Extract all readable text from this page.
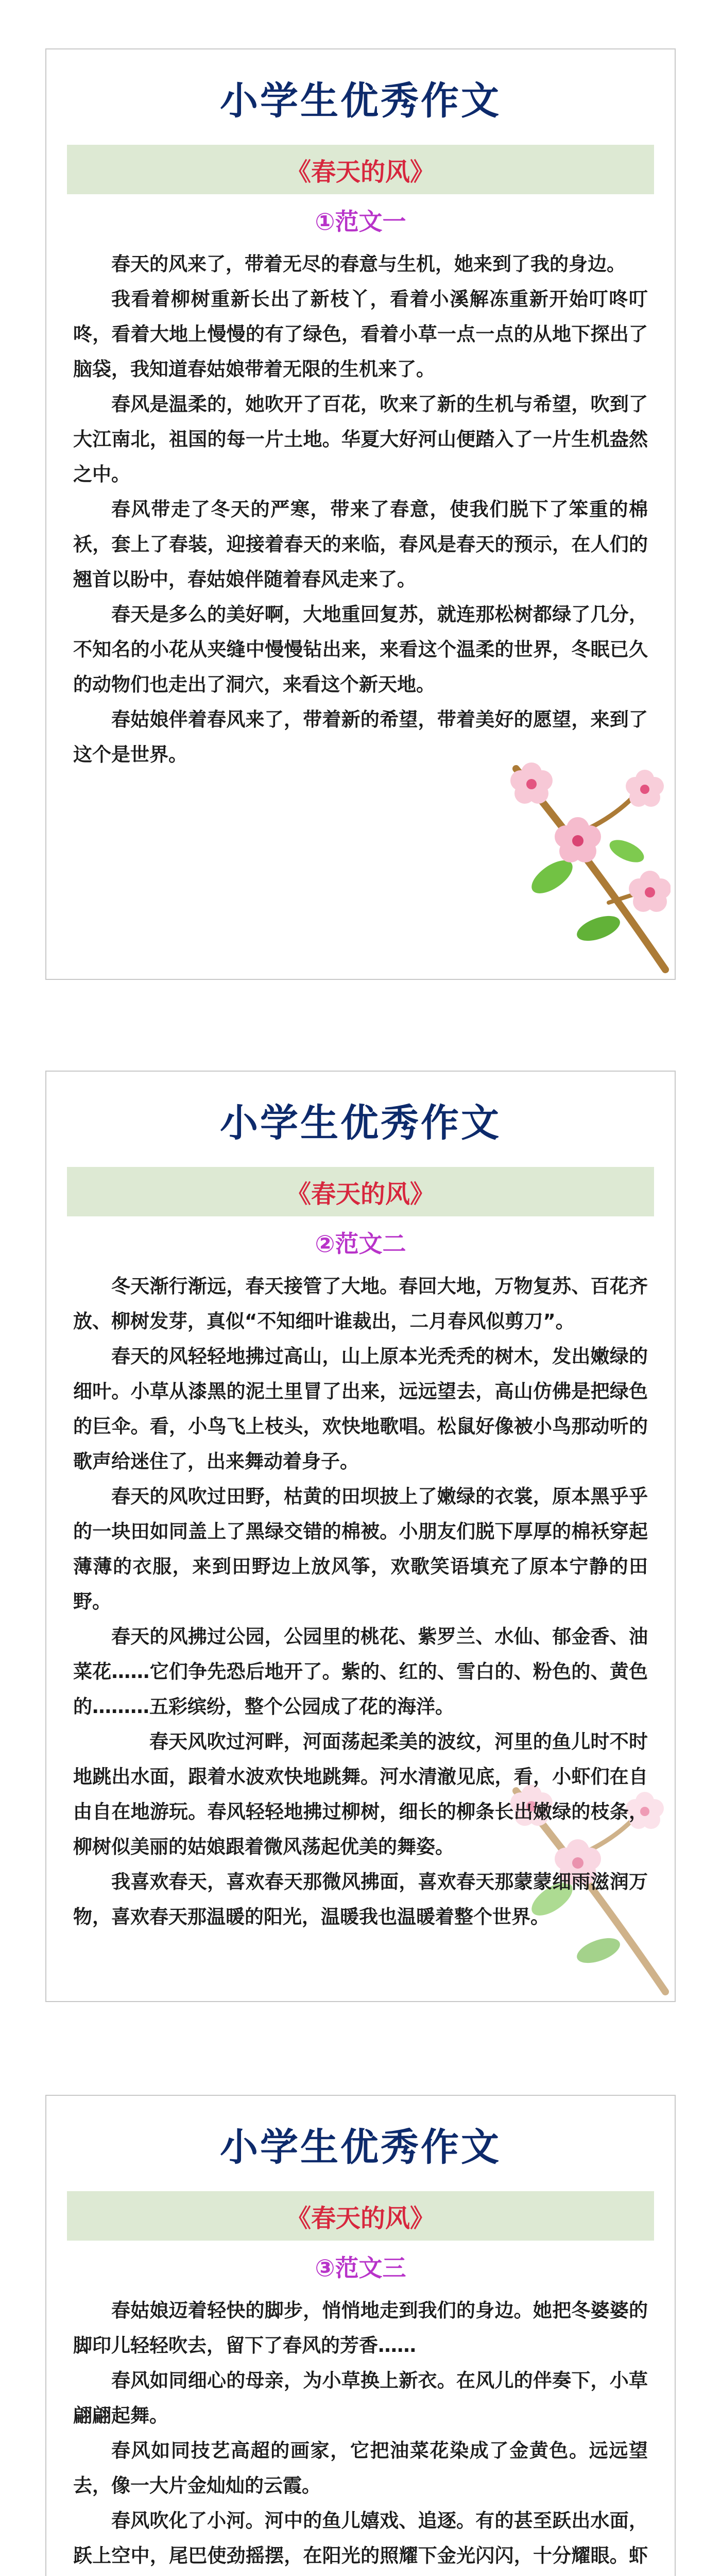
小学生优秀作文
《春天的风》
①范文一

春天的风来了，带着无尽的春意与生机，她来到了我的身边。

我看着柳树重新长出了新枝丫，看着小溪解冻重新开始叮咚叮咚，看着大地上慢慢的有了绿色，看着小草一点一点的从地下探出了脑袋，我知道春姑娘带着无限的生机来了。

春风是温柔的，她吹开了百花，吹来了新的生机与希望，吹到了大江南北，祖国的每一片土地。华夏大好河山便踏入了一片生机盎然之中。

春风带走了冬天的严寒，带来了春意，使我们脱下了笨重的棉袄，套上了春装，迎接着春天的来临，春风是春天的预示，在人们的翘首以盼中，春姑娘伴随着春风走来了。

春天是多么的美好啊，大地重回复苏，就连那松树都绿了几分，不知名的小花从夹缝中慢慢钻出来，来看这个温柔的世界，冬眠已久的动物们也走出了洞穴，来看这个新天地。

春姑娘伴着春风来了，带着新的希望，带着美好的愿望，来到了这个是世界。

小学生优秀作文
《春天的风》
②范文二

冬天渐行渐远，春天接管了大地。春回大地，万物复苏、百花齐放、柳树发芽，真似“不知细叶谁裁出，二月春风似剪刀”。

春天的风轻轻地拂过高山，山上原本光秃秃的树木，发出嫩绿的细叶。小草从漆黑的泥土里冒了出来，远远望去，高山仿佛是把绿色的巨伞。看，小鸟飞上枝头，欢快地歌唱。松鼠好像被小鸟那动听的歌声给迷住了，出来舞动着身子。

春天的风吹过田野，枯黄的田坝披上了嫩绿的衣裳，原本黑乎乎的一块田如同盖上了黑绿交错的棉被。小朋友们脱下厚厚的棉袄穿起薄薄的衣服，来到田野边上放风筝，欢歌笑语填充了原本宁静的田野。

春天的风拂过公园，公园里的桃花、紫罗兰、水仙、郁金香、油菜花……它们争先恐后地开了。紫的、红的、雪白的、粉色的、黄色的………五彩缤纷，整个公园成了花的海洋。

春天风吹过河畔，河面荡起柔美的波纹，河里的鱼儿时不时地跳出水面，跟着水波欢快地跳舞。河水清澈见底，看，小虾们在自由自在地游玩。春风轻轻地拂过柳树，细长的柳条长出嫩绿的枝条，柳树似美丽的姑娘跟着微风荡起优美的舞姿。

我喜欢春天，喜欢春天那微风拂面，喜欢春天那蒙蒙细雨滋润万物，喜欢春天那温暖的阳光，温暖我也温暖着整个世界。

小学生优秀作文
《春天的风》
③范文三

春姑娘迈着轻快的脚步，悄悄地走到我们的身边。她把冬婆婆的脚印儿轻轻吹去，留下了春风的芳香……

春风如同细心的母亲，为小草换上新衣。在风儿的伴奏下，小草翩翩起舞。

春风如同技艺高超的画家，它把油菜花染成了金黄色。远远望去，像一大片金灿灿的云霞。

春风吹化了小河。河中的鱼儿嬉戏、追逐。有的甚至跃出水面，跃上空中，尾巴使劲摇摆，在阳光的照耀下金光闪闪，十分耀眼。虾
